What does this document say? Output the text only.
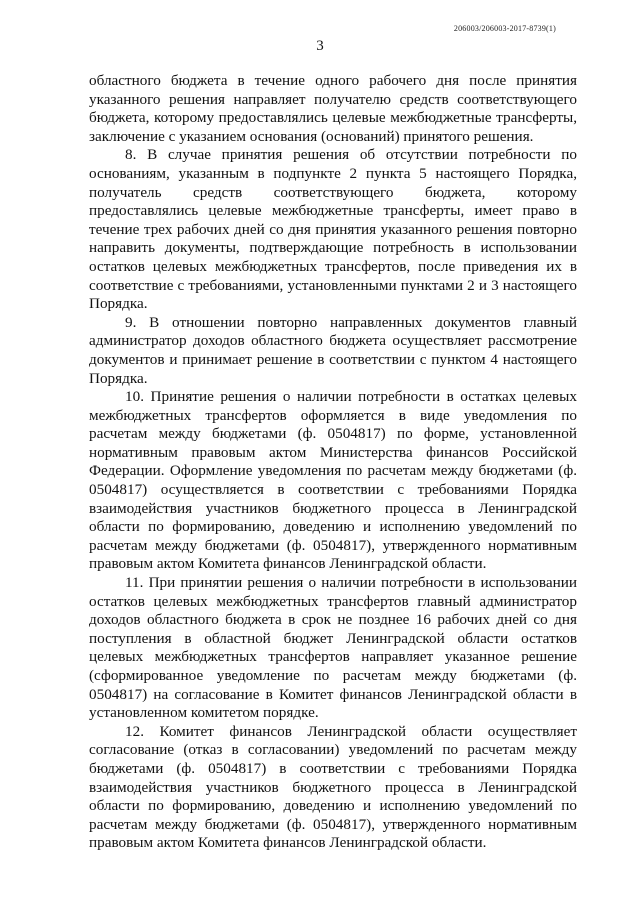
206003/206003-2017-8739(1)
3

областного бюджета в течение одного рабочего дня после принятия указанного решения направляет получателю средств соответствующего бюджета, которому предоставлялись целевые межбюджетные трансферты, заключение с указанием основания (оснований) принятого решения.

8. В случае принятия решения об отсутствии потребности по основаниям, указанным в подпункте 2 пункта 5 настоящего Порядка, получатель средств соответствующего бюджета, которому предоставлялись целевые межбюджетные трансферты, имеет право в течение трех рабочих дней со дня принятия указанного решения повторно направить документы, подтверждающие потребность в использовании остатков целевых межбюджетных трансфертов, после приведения их в соответствие с требованиями, установленными пунктами 2 и 3 настоящего Порядка.

9. В отношении повторно направленных документов главный администратор доходов областного бюджета осуществляет рассмотрение документов и принимает решение в соответствии с пунктом 4 настоящего Порядка.

10. Принятие решения о наличии потребности в остатках целевых межбюджетных трансфертов оформляется в виде уведомления по расчетам между бюджетами (ф. 0504817) по форме, установленной нормативным правовым актом Министерства финансов Российской Федерации. Оформление уведомления по расчетам между бюджетами (ф. 0504817) осуществляется в соответствии с требованиями Порядка взаимодействия участников бюджетного процесса в Ленинградской области по формированию, доведению и исполнению уведомлений по расчетам между бюджетами (ф. 0504817), утвержденного нормативным правовым актом Комитета финансов Ленинградской области.

11. При принятии решения о наличии потребности в использовании остатков целевых межбюджетных трансфертов главный администратор доходов областного бюджета в срок не позднее 16 рабочих дней со дня поступления в областной бюджет Ленинградской области остатков целевых межбюджетных трансфертов направляет указанное решение (сформированное уведомление по расчетам между бюджетами (ф. 0504817) на согласование в Комитет финансов Ленинградской области в установленном комитетом порядке.

12. Комитет финансов Ленинградской области осуществляет согласование (отказ в согласовании) уведомлений по расчетам между бюджетами (ф. 0504817) в соответствии с требованиями Порядка взаимодействия участников бюджетного процесса в Ленинградской области по формированию, доведению и исполнению уведомлений по расчетам между бюджетами (ф. 0504817), утвержденного нормативным правовым актом Комитета финансов Ленинградской области.
